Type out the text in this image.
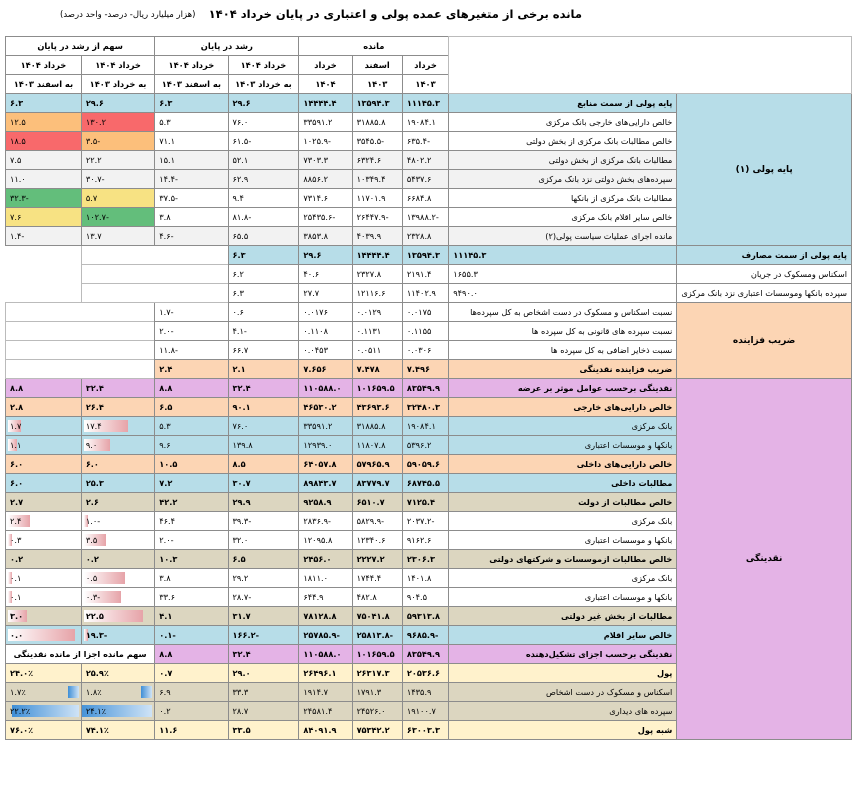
مانده برخی از متغیرهای عمده پولی و اعتباری در پایان خرداد ۱۴۰۴
(هزار میلیارد ریال- درصد- واحد درصد)
		مانده			رشد در پایان		سهم از رشد در پایان	
		خرداد	اسفند	خرداد	خرداد ۱۴۰۴	خرداد ۱۴۰۴	خرداد ۱۴۰۴	خرداد ۱۴۰۴
		۱۴۰۳	۱۴۰۳	۱۴۰۴	به خرداد ۱۴۰۳	به اسفند ۱۴۰۳	به خرداد ۱۴۰۳	به اسفند ۱۴۰۳
پایه پولی (۱)	پایه پولی از سمت منابع	۱۱۱۴۵.۳	۱۳۵۹۴.۳	۱۴۴۴۴.۴	۲۹.۶	۶.۳	۲۹.۶	۶.۳
	خالص دارایی‌های خارجی بانک مرکزی	۱۹۰۸۴.۱	۳۱۸۸۵.۸	۳۳۵۹۱.۲	۷۶.۰	۵.۳	۱۳۰.۲	۱۲.۵
	خالص مطالبات بانک مرکزی از بخش دولتی	-۶۳۵.۴	-۳۵۴۵.۵	-۱۰۲۵.۹	-۶۱.۵	۷۱.۱	-۳.۵	۱۸.۵
	مطالبات بانک مرکزی از بخش دولتی	۴۸۰۲.۲	۶۳۲۴.۶	۷۳۰۳.۳	۵۲.۱	۱۵.۱	۲۲.۲	۷.۵
	سپرده‌های بخش دولتی نزد بانک مرکزی	۵۴۳۷.۶	۱۰۳۴۹.۴	۸۸۵۶.۲	۶۲.۹	-۱۴.۴	-۳۰.۷	۱۱.۰
	مطالبات بانک مرکزی از بانکها	۶۶۸۴.۸	۱۱۷۰۱.۹	۷۳۱۴.۶	۹.۴	-۳۷.۵	۵.۷	-۳۲.۳
	خالص سایر اقلام بانک مرکزی	-۱۳۹۸۸.۲	-۲۶۴۴۷.۹	-۲۵۴۳۵.۶	-۸۱.۸	۳.۸	-۱۰۲.۷	۷.۶
	مانده اجرای عملیات سیاست پولی(۲)	۲۳۲۸.۸	۴۰۳۹.۹	۳۸۵۳.۸	۶۵.۵	-۴.۶	۱۳.۷	-۱.۴
پایه پولی از سمت مصارف	۱۱۱۴۵.۳	۱۳۵۹۴.۳	۱۴۴۴۴.۴	۲۹.۶	۶.۳			
اسکناس ومسکوک در جریان	۱۶۵۵.۳	۲۱۹۱.۴	۲۳۲۷.۸	۴۰.۶	۶.۲			
سپرده بانکها وموسسات اعتباری نزد بانک مرکزی	۹۴۹۰.۰	۱۱۴۰۲.۹	۱۲۱۱۶.۶	۲۷.۷	۶.۳			
ضریب فزاینده	نسبت اسکناس و مسکوک در دست اشخاص به کل سپرده‌ها	۰.۰۱۷۵	۰.۰۱۲۹	۰.۰۱۷۶	۰.۶	-۱.۷		
	نسبت سپرده های قانونی به کل سپرده ها	۰.۱۱۵۵	۰.۱۱۳۱	۰.۱۱۰۸	-۴.۱	-۲.۰		
	نسبت ذخایر اضافی به کل سپرده ها	۰.۰۳۰۶	۰.۰۵۱۱	۰.۰۴۵۳	۶۶.۷	-۱۱.۸		
	ضریب فزاینده نقدینگی	۷.۴۹۶	۷.۴۷۸	۷.۶۵۶	۲.۱	۲.۴		
نقدینگی	نقدینگی برحسب عوامل موثر بر عرضه	۸۳۵۴۹.۹	۱۰۱۶۵۹.۵	۱۱۰۵۸۸.۰	۳۲.۴	۸.۸	۳۲.۴	۸.۸
	خالص دارایی‌های خارجی	۳۲۴۸۰.۳	۴۳۶۹۳.۶	۴۶۵۳۰.۲	۹۰.۱	۶.۵	۲۶.۴	۲.۸
	بانک مرکزی	۱۹۰۸۴.۱	۳۱۸۸۵.۸	۳۳۵۹۱.۲	۷۶.۰	۵.۳	۱۷.۴	۱.۷
	بانکها و موسسات اعتباری	۵۳۹۶.۲	۱۱۸۰۷.۸	۱۲۹۳۹.۰	۱۳۹.۸	۹.۶	۹.۰	۱.۱
	خالص دارایی‌های داخلی	۵۹۰۵۹.۶	۵۷۹۶۵.۹	۶۴۰۵۷.۸	۸.۵	۱۰.۵	۶.۰	۶.۰
	مطالبات داخلی	۶۸۷۴۵.۵	۸۳۷۷۹.۷	۸۹۸۴۳.۷	۳۰.۷	۷.۲	۲۵.۳	۶.۰
	خالص مطالبات از دولت	۷۱۲۵.۴	۶۵۱۰.۷	۹۲۵۸.۹	۲۹.۹	۴۲.۲	۲.۶	۲.۷
	بانک مرکزی	-۲۰۳۷.۲	-۵۸۲۹.۹	-۲۸۳۶.۹	-۳۹.۳	۴۶.۴	-۱.۰	۲.۴
	بانکها و موسسات اعتباری	۹۱۶۲.۶	۱۲۳۴۰.۶	۱۲۰۹۵.۸	۳۲.۰	-۲.۰	۳.۵	۰.۳
	خالص مطالبات ازموسسات و شرکتهای دولتی	۲۳۰۶.۳	۲۲۲۷.۲	۲۴۵۶.۰	۶.۵	۱۰.۳	۰.۲	۰.۲
	بانک مرکزی	۱۴۰۱.۸	۱۷۴۴.۴	۱۸۱۱.۰	۲۹.۲	۳.۸	۰.۵	۰.۱
	بانکها و موسسات اعتباری	۹۰۴.۵	۴۸۲.۸	۶۴۴.۹	-۲۸.۷	۳۳.۶	-۰.۳	۰.۱
	مطالبات از بخش غیر دولتی	۵۹۳۱۳.۸	۷۵۰۴۱.۸	۷۸۱۲۸.۸	۳۱.۷	۴.۱	۲۲.۵	۳.۰
	خالص سایر اقلام	-۹۶۸۵.۹	-۲۵۸۱۳.۸	-۲۵۷۸۵.۹	-۱۶۶.۲	-۰.۱	-۱۹.۳	۰.۰
	نقدینگی برحسب اجزای تشکیل‌دهنده	۸۳۵۴۹.۹	۱۰۱۶۵۹.۵	۱۱۰۵۸۸.۰	۳۲.۴	۸.۸	سهم مانده اجزا از مانده نقدینگی	
	پول	۲۰۵۳۶.۶	۲۶۳۱۷.۳	۲۶۴۹۶.۱	۲۹.۰	۰.۷	۲۵.۹٪	۲۴.۰٪
	اسکناس و مسکوک در دست اشخاص	۱۴۳۵.۹	۱۷۹۱.۳	۱۹۱۴.۷	۳۳.۳	۶.۹	۱.۸٪	۱.۷٪
	سپرده های دیداری	۱۹۱۰۰.۷	۲۴۵۲۶.۰	۲۴۵۸۱.۴	۲۸.۷	۰.۲	۲۴.۱٪	۲۲.۲٪
	شبه پول	۶۳۰۰۳.۳	۷۵۳۴۲.۲	۸۴۰۹۱.۹	۳۳.۵	۱۱.۶	۷۴.۱٪	۷۶.۰٪
